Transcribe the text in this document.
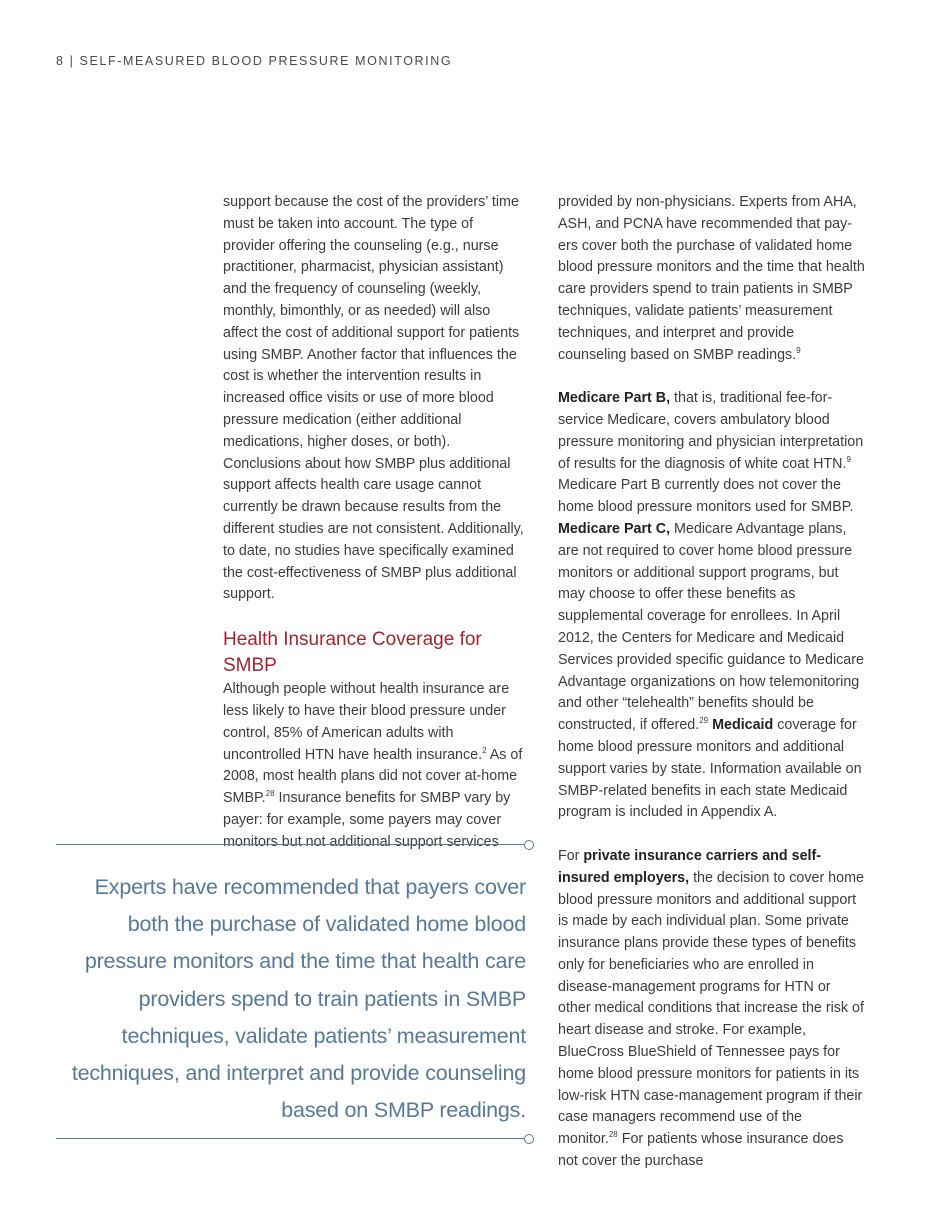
8 | SELF-MEASURED BLOOD PRESSURE MONITORING

support because the cost of the providers’ time must be taken into account. The type of provider offering the counseling (e.g., nurse practitioner, pharmacist, physician assistant) and the frequency of counseling (weekly, monthly, bimonthly, or as needed) will also affect the cost of additional support for patients using SMBP. Another factor that influences the cost is whether the intervention results in increased office visits or use of more blood pressure medication (either additional medications, higher doses, or both). Conclusions about how SMBP plus additional support affects health care usage cannot currently be drawn because results from the different studies are not consistent. Additionally, to date, no studies have specifically examined the cost-effectiveness of SMBP plus additional support.

Health Insurance Coverage for SMBP

Although people without health insurance are less likely to have their blood pressure under control, 85% of American adults with uncontrolled HTN have health insurance.$^2$ As of 2008, most health plans did not cover at-home SMBP.$^{28}$ Insurance benefits for SMBP vary by payer: for example, some payers may cover monitors but not additional support services

Experts have recommended that payers cover both the purchase of validated home blood pressure monitors and the time that health care providers spend to train patients in SMBP techniques, validate patients’ measurement techniques, and interpret and provide counseling based on SMBP readings.

provided by non-physicians. Experts from AHA, ASH, and PCNA have recommended that payers cover both the purchase of validated home blood pressure monitors and the time that health care providers spend to train patients in SMBP techniques, validate patients’ measurement techniques, and interpret and provide counseling based on SMBP readings.$^9$

Medicare Part B, that is, traditional fee-for-service Medicare, covers ambulatory blood pressure monitoring and physician interpretation of results for the diagnosis of white coat HTN.$^9$ Medicare Part B currently does not cover the home blood pressure monitors used for SMBP. Medicare Part C, Medicare Advantage plans, are not required to cover home blood pressure monitors or additional support programs, but may choose to offer these benefits as supplemental coverage for enrollees. In April 2012, the Centers for Medicare and Medicaid Services provided specific guidance to Medicare Advantage organizations on how telemonitoring and other “telehealth” benefits should be constructed, if offered.$^{29}$ Medicaid coverage for home blood pressure monitors and additional support varies by state. Information available on SMBP-related benefits in each state Medicaid program is included in Appendix A.

For private insurance carriers and self-insured employers, the decision to cover home blood pressure monitors and additional support is made by each individual plan. Some private insurance plans provide these types of benefits only for beneficiaries who are enrolled in disease-management programs for HTN or other medical conditions that increase the risk of heart disease and stroke. For example, BlueCross BlueShield of Tennessee pays for home blood pressure monitors for patients in its low-risk HTN case-management program if their case managers recommend use of the monitor.$^{28}$ For patients whose insurance does not cover the purchase
